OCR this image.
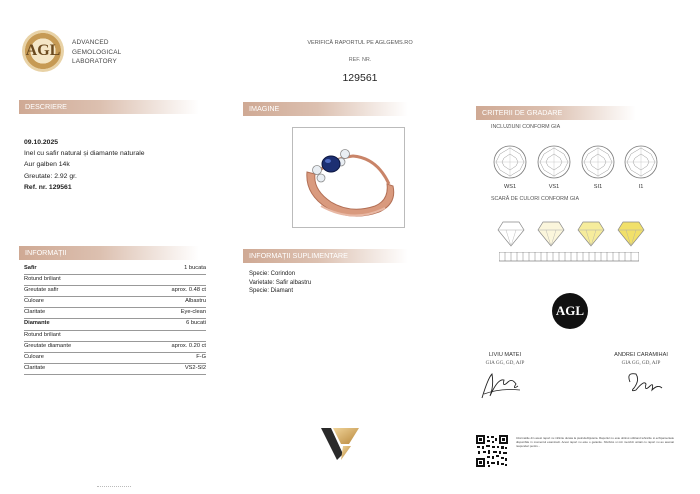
AGL	ADVANCED
GEMOLOGICAL
LABORATORY
VERIFICĂ RAPORTUL PE AGLGEMS.RO
REF. NR.
129561
DESCRIERE	IMAGINE	CRITERII DE GRADARE
INFORMAȚII	INFORMAȚII SUPLIMENTARE
09.10.2025
Inel cu safir natural și diamante naturale
Aur galben 14k
Greutate: 2.92 gr.
Ref. nr. 129561
Safir	1 bucata
Rotund briliant
Greutate safir	aprox. 0.48 ct
Culoare	Albastru
Claritate	Eye-clean
Diamante	6 bucati
Rotund briliant
Greutate diamante	aprox. 0.20 ct
Culoare	F-G
Claritate	VS2-SI2
Specie: Corindon
Varietate: Safir albastru
Specie: Diamant
INCLUZIUNI CONFORM GIA
WS1	VS1	SI1	I1
SCARĂ DE CULORI CONFORM GIA
AGL
LIVIU MATEI
GIA GG, GD, AJP
ANDREI CARAMIHAI
GIA GG, GD, AJP
Informatiile din acest raport nu infiintie durata la pietruile/bijuteria. Raportul nu este obtinut utilizand tehnicile si echipamentele disponibile in momentul examinarii. Acest raport nu este o garantie. NG/AGL si nici membrii unitati cu raport nu au asumat raspunderi pentru...
